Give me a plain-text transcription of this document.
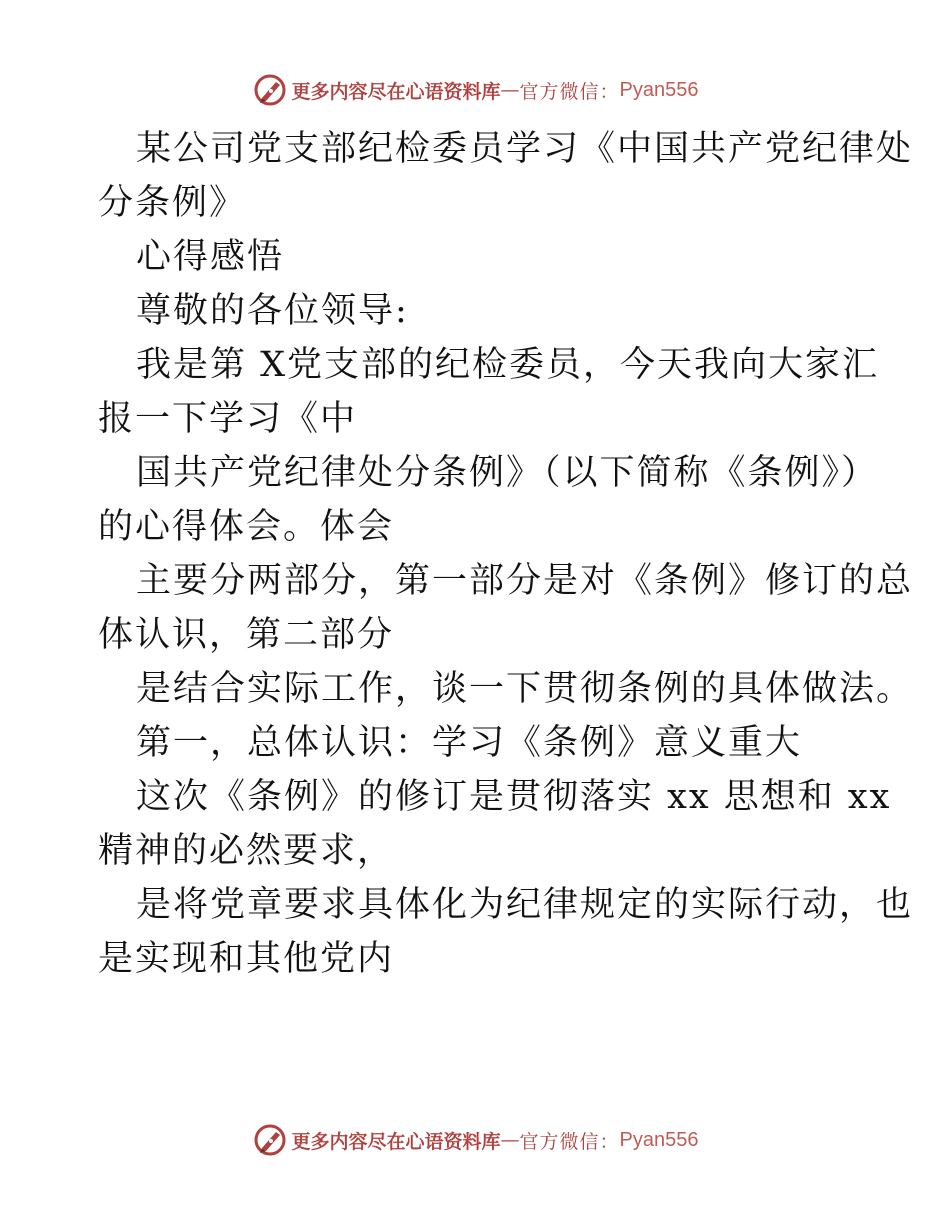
更多内容尽在心语资料库 — 官方微信： Pyan556
某公司党支部纪检委员学习《中国共产党纪律处
分条例》
心得感悟
尊敬的各位领导:
我是第 X党支部的纪检委员，今天我向大家汇
报一下学习《中
国共产党纪律处分条例》（以下简称《条例》）
的心得体会。体会
主要分两部分，第一部分是对《条例》修订的总
体认识，第二部分
是结合实际工作，谈一下贯彻条例的具体做法。
第一，总体认识：学习《条例》意义重大
这次《条例》的修订是贯彻落实 xx 思想和 xx
精神的必然要求，
是将党章要求具体化为纪律规定的实际行动，也
是实现和其他党内
更多内容尽在心语资料库 — 官方微信： Pyan556
